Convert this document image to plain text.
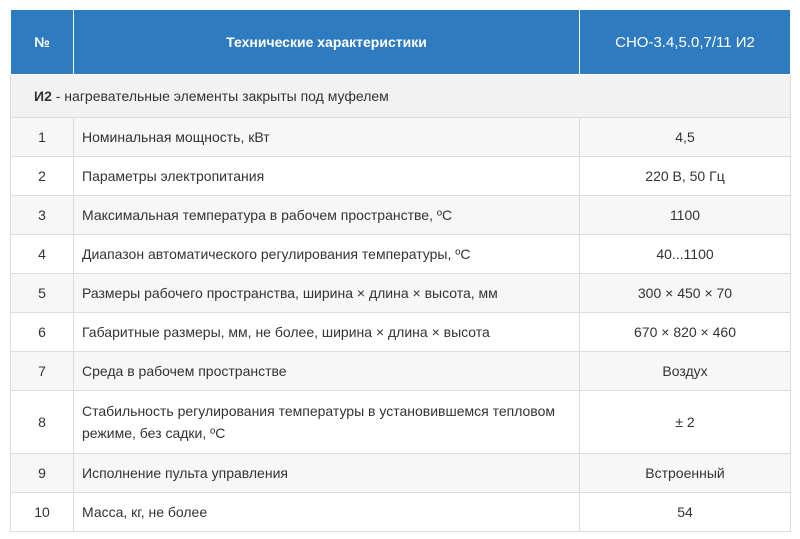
№	Технические характеристики	СНО-3.4,5.0,7/11 И2
И2 - нагревательные элементы закрыты под муфелем		
1	Номинальная мощность, кВт	4,5
2	Параметры электропитания	220 В, 50 Гц
3	Максимальная температура в рабочем пространстве, ºС	1100
4	Диапазон автоматического регулирования температуры, ºС	40...1100
5	Размеры рабочего пространства, ширина × длина × высота, мм	300 × 450 × 70
6	Габаритные размеры, мм, не более, ширина × длина × высота	670 × 820 × 460
7	Среда в рабочем пространстве	Воздух
8	Стабильность регулирования температуры в установившемся тепловом режиме, без садки, ºС	± 2
9	Исполнение пульта управления	Встроенный
10	Масса, кг, не более	54
